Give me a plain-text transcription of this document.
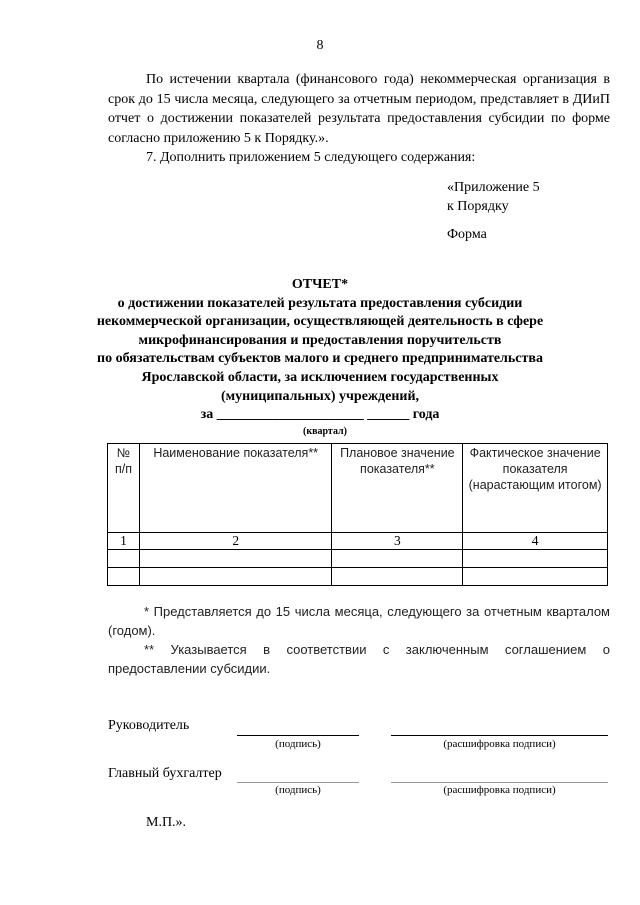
8

По истечении квартала (финансового года) некоммерческая организация в срок до 15 числа месяца, следующего за отчетным периодом, представляет в ДИиП отчет о достижении показателей результата предоставления субсидии по форме согласно приложению 5 к Порядку.».

7. Дополнить приложением 5 следующего содержания:

«Приложение 5
к Порядку
Форма
ОТЧЕТ*
о достижении показателей результата предоставления субсидии
некоммерческой организации, осуществляющей деятельность в сфере
микрофинансирования и предоставления поручительств
по обязательствам субъектов малого и среднего предпринимательства
Ярославской области, за исключением государственных
(муниципальных) учреждений,
за _____________________ ______ года
(квартал)
№ п/п	Наименование показателя**	Плановое значение показателя**	Фактическое значение показателя (нарастающим итогом)
1	2	3	4

* Представляется до 15 числа месяца, следующего за отчетным кварталом (годом).

** Указывается в соответствии с заключенным соглашением о предоставлении субсидии.

Руководитель
(подпись)	(расшифровка подписи)
Главный бухгалтер
(подпись)	(расшифровка подписи)
М.П.».
